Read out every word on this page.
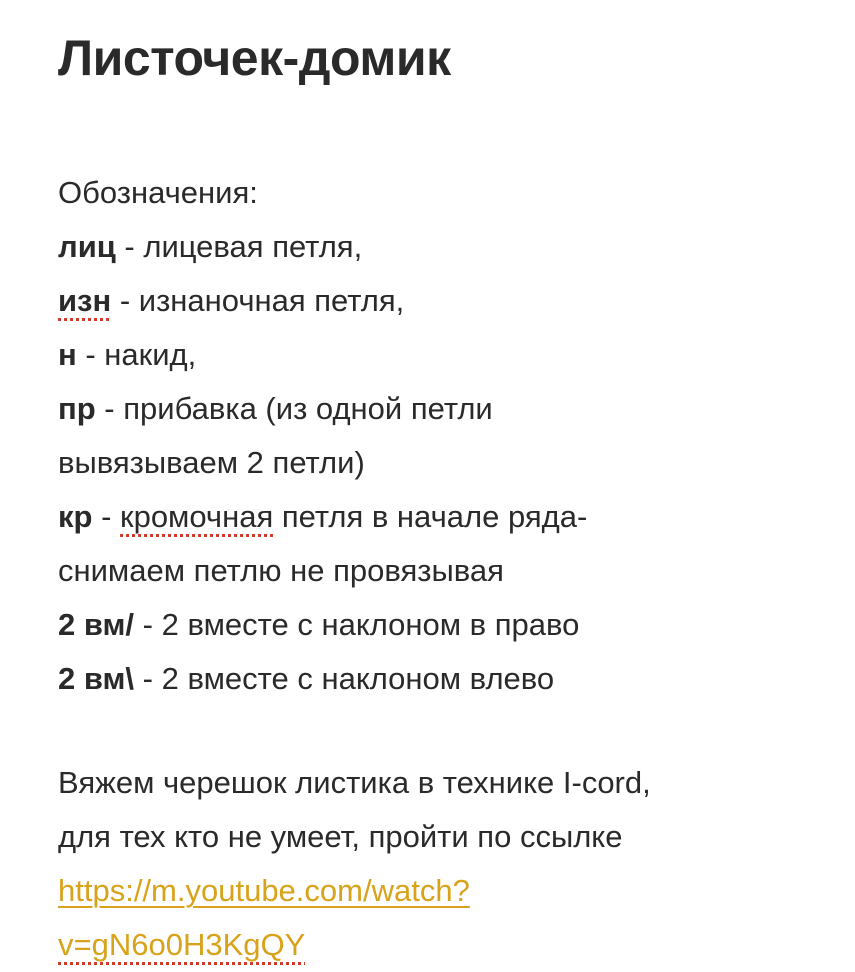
Листочек-домик
Обозначения:
лиц - лицевая петля,
изн - изнаночная петля,
н - накид,
пр - прибавка (из одной петли
вывязываем 2 петли)
кр - кромочная петля в начале ряда-
снимаем петлю не провязывая
2 вм/ - 2 вместе с наклоном в право
2 вм\ - 2 вместе с наклоном влево
Вяжем черешок листика в технике I-cord,
для тех кто не умеет, пройти по ссылке
https://m.youtube.com/watch?
v=gN6o0H3KgQY
